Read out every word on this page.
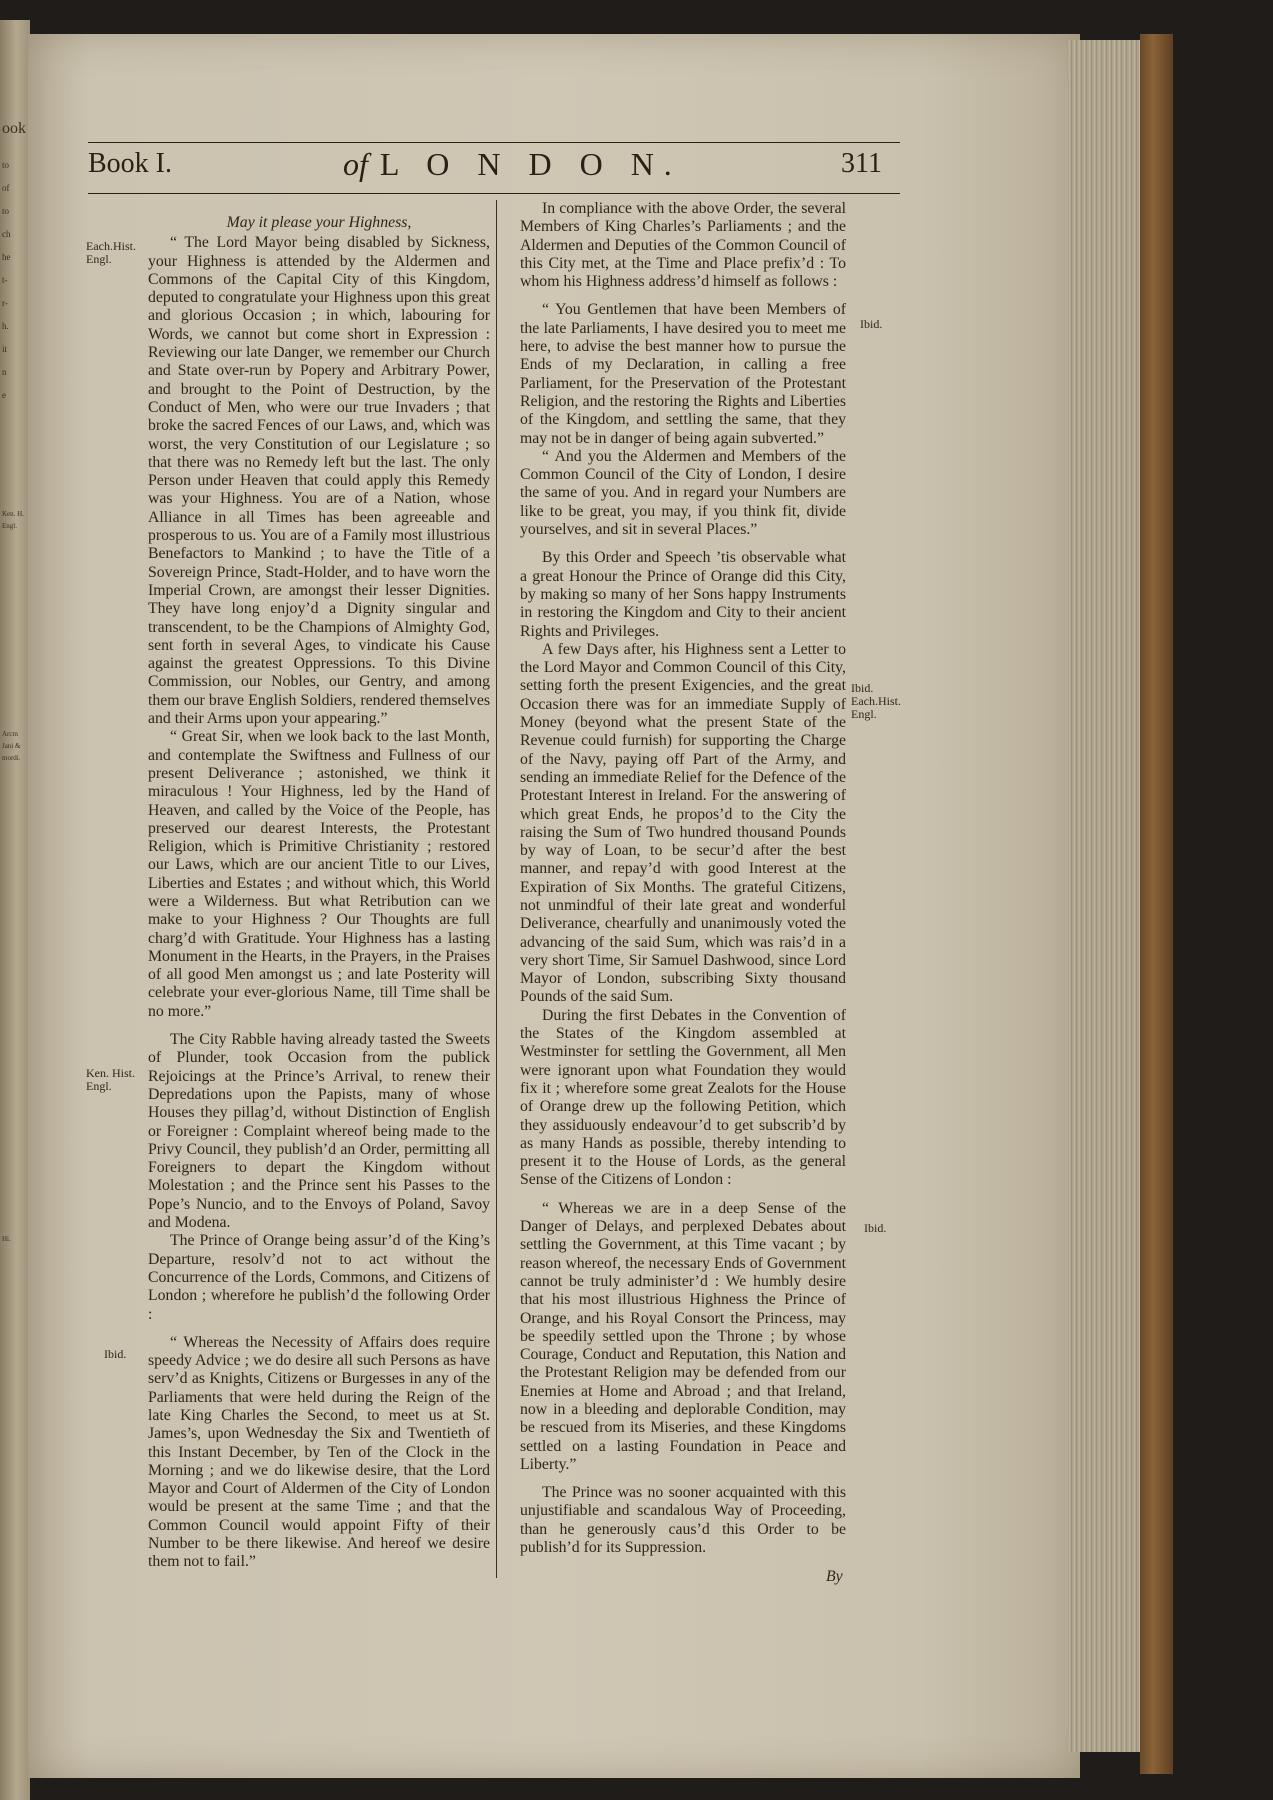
ook
to
of
to
ch
he
t-
r-
h.
it
n
e
Ken. H.
Engl.
Arcm
Jani &
mordi.
Hi.
Book I.	of L O N D O N.	311
Each.Hist. Engl.
Ken. Hist. Engl.
Ibid.
Ibid.
Ibid. Each.Hist. Engl.
Ibid.

May it please your Highness,

“ The Lord Mayor being disabled by Sickness, your Highness is attended by the Aldermen and Commons of the Capital City of this Kingdom, deputed to congratulate your Highness upon this great and glorious Occasion ; in which, labouring for Words, we cannot but come short in Expression : Reviewing our late Danger, we remember our Church and State over-run by Popery and Arbitrary Power, and brought to the Point of Destruction, by the Conduct of Men, who were our true Invaders ; that broke the sacred Fences of our Laws, and, which was worst, the very Constitution of our Legislature ; so that there was no Remedy left but the last. The only Person under Heaven that could apply this Remedy was your Highness. You are of a Nation, whose Alliance in all Times has been agreeable and prosperous to us. You are of a Family most illustrious Benefactors to Mankind ; to have the Title of a Sovereign Prince, Stadt-Holder, and to have worn the Imperial Crown, are amongst their lesser Dignities. They have long enjoy’d a Dignity singular and transcendent, to be the Champions of Almighty God, sent forth in several Ages, to vindicate his Cause against the greatest Oppressions. To this Divine Commission, our Nobles, our Gentry, and among them our brave English Soldiers, rendered themselves and their Arms upon your appearing.”

“ Great Sir, when we look back to the last Month, and contemplate the Swiftness and Fullness of our present Deliverance ; astonished, we think it miraculous ! Your Highness, led by the Hand of Heaven, and called by the Voice of the People, has preserved our dearest Interests, the Protestant Religion, which is Primitive Christianity ; restored our Laws, which are our ancient Title to our Lives, Liberties and Estates ; and without which, this World were a Wilderness. But what Retribution can we make to your Highness ? Our Thoughts are full charg’d with Gratitude. Your Highness has a lasting Monument in the Hearts, in the Prayers, in the Praises of all good Men amongst us ; and late Posterity will celebrate your ever-glorious Name, till Time shall be no more.”

The City Rabble having already tasted the Sweets of Plunder, took Occasion from the publick Rejoicings at the Prince’s Arrival, to renew their Depredations upon the Papists, many of whose Houses they pillag’d, without Distinction of English or Foreigner : Complaint whereof being made to the Privy Council, they publish’d an Order, permitting all Foreigners to depart the Kingdom without Molestation ; and the Prince sent his Passes to the Pope’s Nuncio, and to the Envoys of Poland, Savoy and Modena.

The Prince of Orange being assur’d of the King’s Departure, resolv’d not to act without the Concurrence of the Lords, Commons, and Citizens of London ; wherefore he publish’d the following Order :

“ Whereas the Necessity of Affairs does require speedy Advice ; we do desire all such Persons as have serv’d as Knights, Citizens or Burgesses in any of the Parliaments that were held during the Reign of the late King Charles the Second, to meet us at St. James’s, upon Wednesday the Six and Twentieth of this Instant December, by Ten of the Clock in the Morning ; and we do likewise desire, that the Lord Mayor and Court of Aldermen of the City of London would be present at the same Time ; and that the Common Council would appoint Fifty of their Number to be there likewise. And hereof we desire them not to fail.”

In compliance with the above Order, the several Members of King Charles’s Parliaments ; and the Aldermen and Deputies of the Common Council of this City met, at the Time and Place prefix’d : To whom his Highness address’d himself as follows :

“ You Gentlemen that have been Members of the late Parliaments, I have desired you to meet me here, to advise the best manner how to pursue the Ends of my Declaration, in calling a free Parliament, for the Preservation of the Protestant Religion, and the restoring the Rights and Liberties of the Kingdom, and settling the same, that they may not be in danger of being again subverted.”

“ And you the Aldermen and Members of the Common Council of the City of London, I desire the same of you. And in regard your Numbers are like to be great, you may, if you think fit, divide yourselves, and sit in several Places.”

By this Order and Speech ’tis observable what a great Honour the Prince of Orange did this City, by making so many of her Sons happy Instruments in restoring the Kingdom and City to their ancient Rights and Privileges.

A few Days after, his Highness sent a Letter to the Lord Mayor and Common Council of this City, setting forth the present Exigencies, and the great Occasion there was for an immediate Supply of Money (beyond what the present State of the Revenue could furnish) for supporting the Charge of the Navy, paying off Part of the Army, and sending an immediate Relief for the Defence of the Protestant Interest in Ireland. For the answering of which great Ends, he propos’d to the City the raising the Sum of Two hundred thousand Pounds by way of Loan, to be secur’d after the best manner, and repay’d with good Interest at the Expiration of Six Months. The grateful Citizens, not unmindful of their late great and wonderful Deliverance, chearfully and unanimously voted the advancing of the said Sum, which was rais’d in a very short Time, Sir Samuel Dashwood, since Lord Mayor of London, subscribing Sixty thousand Pounds of the said Sum.

During the first Debates in the Convention of the States of the Kingdom assembled at Westminster for settling the Government, all Men were ignorant upon what Foundation they would fix it ; wherefore some great Zealots for the House of Orange drew up the following Petition, which they assiduously endeavour’d to get subscrib’d by as many Hands as possible, thereby intending to present it to the House of Lords, as the general Sense of the Citizens of London :

“ Whereas we are in a deep Sense of the Danger of Delays, and perplexed Debates about settling the Government, at this Time vacant ; by reason whereof, the necessary Ends of Government cannot be truly administer’d : We humbly desire that his most illustrious Highness the Prince of Orange, and his Royal Consort the Princess, may be speedily settled upon the Throne ; by whose Courage, Conduct and Reputation, this Nation and the Protestant Religion may be defended from our Enemies at Home and Abroad ; and that Ireland, now in a bleeding and deplorable Condition, may be rescued from its Miseries, and these Kingdoms settled on a lasting Foundation in Peace and Liberty.”

The Prince was no sooner acquainted with this unjustifiable and scandalous Way of Proceeding, than he generously caus’d this Order to be publish’d for its Suppression.

By
